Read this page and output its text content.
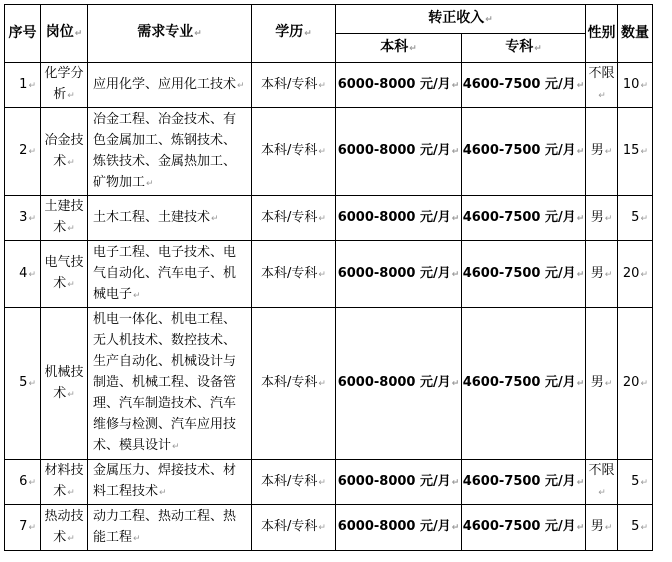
序号	岗位↵	需求专业↵	学历↵	转正收入↵		性别	数量
				本科↵	专科↵		
1↵	化学分析↵	应用化学、应用化工技术↵	本科/专科↵	6000-8000 元/月↵	4600-7500 元/月↵	不限↵	10↵
2↵	冶金技术↵	冶金工程、冶金技术、有色金属加工、炼钢技术、炼铁技术、金属热加工、矿物加工↵	本科/专科↵	6000-8000 元/月↵	4600-7500 元/月↵	男↵	15↵
3↵	土建技术↵	土木工程、土建技术↵	本科/专科↵	6000-8000 元/月↵	4600-7500 元/月↵	男↵	5↵
4↵	电气技术↵	电子工程、电子技术、电气自动化、汽车电子、机械电子↵	本科/专科↵	6000-8000 元/月↵	4600-7500 元/月↵	男↵	20↵
5↵	机械技术↵	机电一体化、机电工程、无人机技术、数控技术、生产自动化、机械设计与制造、机械工程、设备管理、汽车制造技术、汽车维修与检测、汽车应用技术、模具设计↵	本科/专科↵	6000-8000 元/月↵	4600-7500 元/月↵	男↵	20↵
6↵	材料技术↵	金属压力、焊接技术、材料工程技术↵	本科/专科↵	6000-8000 元/月↵	4600-7500 元/月↵	不限↵	5↵
7↵	热动技术↵	动力工程、热动工程、热能工程↵	本科/专科↵	6000-8000 元/月↵	4600-7500 元/月↵	男↵	5↵
